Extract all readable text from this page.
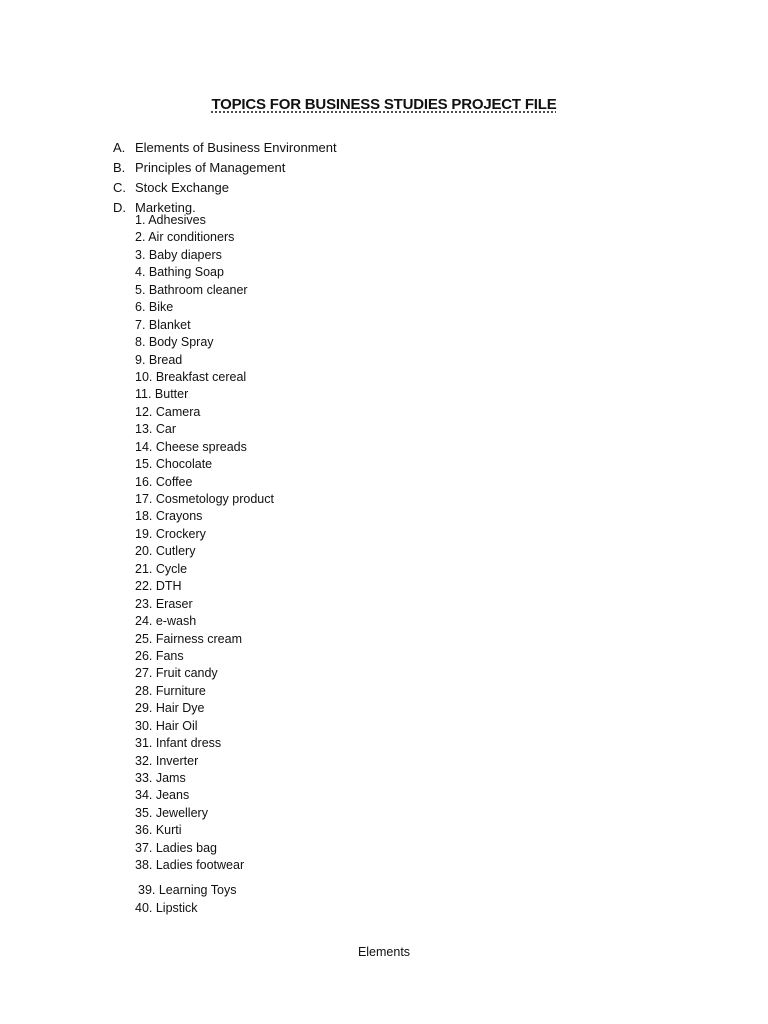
TOPICS FOR BUSINESS STUDIES PROJECT FILE
A. Elements of Business Environment
B. Principles of Management
C. Stock Exchange
D. Marketing.
1. Adhesives
2. Air conditioners
3. Baby diapers
4. Bathing Soap
5. Bathroom cleaner
6. Bike
7. Blanket
8. Body Spray
9. Bread
10. Breakfast cereal
11. Butter
12. Camera
13. Car
14. Cheese spreads
15. Chocolate
16. Coffee
17. Cosmetology product
18. Crayons
19. Crockery
20. Cutlery
21. Cycle
22. DTH
23. Eraser
24. e-wash
25. Fairness cream
26. Fans
27. Fruit candy
28. Furniture
29. Hair Dye
30. Hair Oil
31. Infant dress
32. Inverter
33. Jams
34. Jeans
35. Jewellery
36. Kurti
37. Ladies bag
38. Ladies footwear
39. Learning Toys
40. Lipstick
Elements
